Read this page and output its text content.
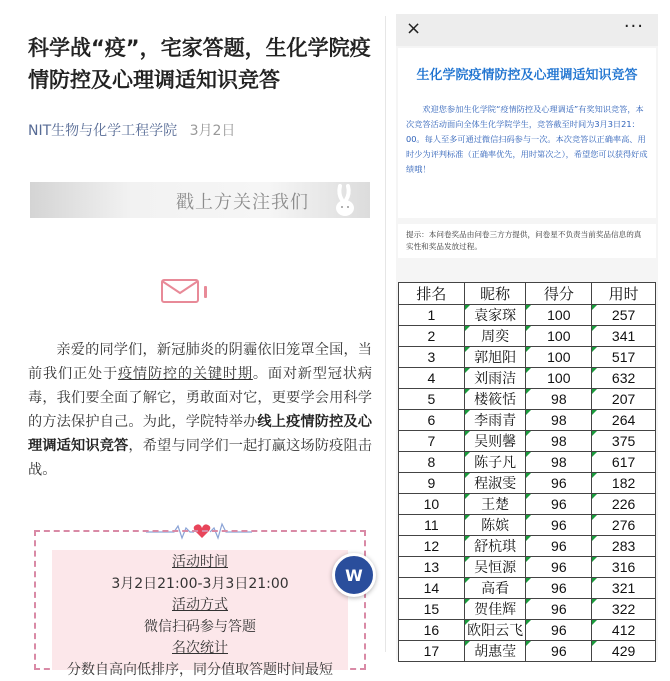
科学战“疫”，宅家答题，生化学院疫情防控及心理调适知识竞答
NIT生物与化学工程学院 3月2日
戳上方关注我们
亲爱的同学们，新冠肺炎的阴霾依旧笼罩全国，当前我们正处于疫情防控的关键时期。面对新型冠状病毒，我们要全面了解它，勇敢面对它，更要学会用科学的方法保护自己。为此，学院特举办线上疫情防控及心理调适知识竞答，希望与同学们一起打赢这场防疫阻击战。
活动时间
3月2日21:00-3月3日21:00
活动方式
微信扫码参与答题
名次统计
分数自高向低排序，同分值取答题时间最短
W
×	···
生化学院疫情防控及心理调适知识竞答
欢迎您参加生化学院“疫情防控及心理调适”有奖知识竞答，本次竞答活动面向全体生化学院学生，竞答截至时间为3月3日21：00。每人至多可通过微信扫码参与一次。本次竞答以正确率高、用时少为评判标准（正确率优先，用时第次之），希望您可以获得好成绩哦！
提示：本问卷奖品由问卷三方方提供，问卷星不负责当前奖品信息的真实性和奖品发放过程。
排名	昵称	得分	用时
1	袁家琛	100	257
2	周奕	100	341
3	郭旭阳	100	517
4	刘雨洁	100	632
5	楼筱恬	98	207
6	李雨青	98	264
7	吴则馨	98	375
8	陈子凡	98	617
9	程淑雯	96	182
10	王楚	96	226
11	陈嫔	96	276
12	舒杭琪	96	283
13	吴恒源	96	316
14	高看	96	321
15	贺佳辉	96	322
16	欧阳云飞	96	412
17	胡惠莹	96	429
